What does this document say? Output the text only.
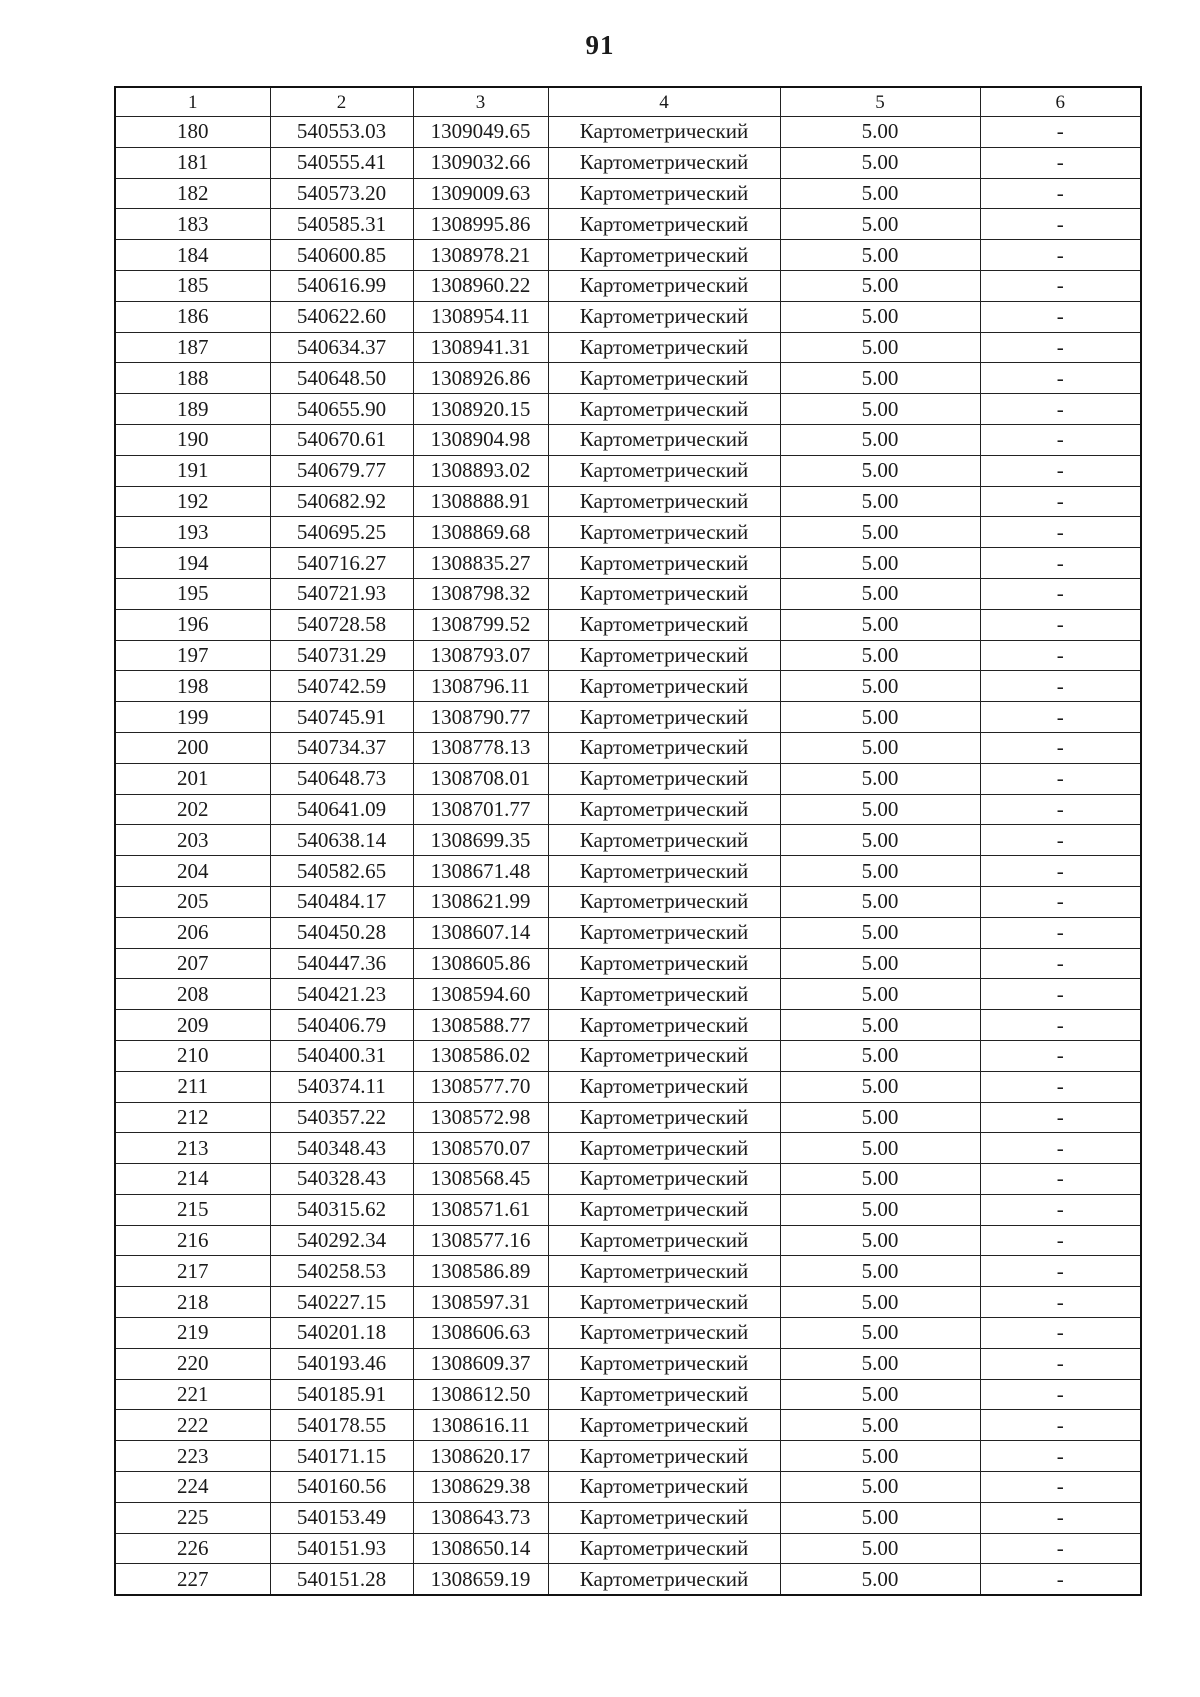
91
1	2	3	4	5	6
180	540553.03	1309049.65	Картометрический	5.00	-
181	540555.41	1309032.66	Картометрический	5.00	-
182	540573.20	1309009.63	Картометрический	5.00	-
183	540585.31	1308995.86	Картометрический	5.00	-
184	540600.85	1308978.21	Картометрический	5.00	-
185	540616.99	1308960.22	Картометрический	5.00	-
186	540622.60	1308954.11	Картометрический	5.00	-
187	540634.37	1308941.31	Картометрический	5.00	-
188	540648.50	1308926.86	Картометрический	5.00	-
189	540655.90	1308920.15	Картометрический	5.00	-
190	540670.61	1308904.98	Картометрический	5.00	-
191	540679.77	1308893.02	Картометрический	5.00	-
192	540682.92	1308888.91	Картометрический	5.00	-
193	540695.25	1308869.68	Картометрический	5.00	-
194	540716.27	1308835.27	Картометрический	5.00	-
195	540721.93	1308798.32	Картометрический	5.00	-
196	540728.58	1308799.52	Картометрический	5.00	-
197	540731.29	1308793.07	Картометрический	5.00	-
198	540742.59	1308796.11	Картометрический	5.00	-
199	540745.91	1308790.77	Картометрический	5.00	-
200	540734.37	1308778.13	Картометрический	5.00	-
201	540648.73	1308708.01	Картометрический	5.00	-
202	540641.09	1308701.77	Картометрический	5.00	-
203	540638.14	1308699.35	Картометрический	5.00	-
204	540582.65	1308671.48	Картометрический	5.00	-
205	540484.17	1308621.99	Картометрический	5.00	-
206	540450.28	1308607.14	Картометрический	5.00	-
207	540447.36	1308605.86	Картометрический	5.00	-
208	540421.23	1308594.60	Картометрический	5.00	-
209	540406.79	1308588.77	Картометрический	5.00	-
210	540400.31	1308586.02	Картометрический	5.00	-
211	540374.11	1308577.70	Картометрический	5.00	-
212	540357.22	1308572.98	Картометрический	5.00	-
213	540348.43	1308570.07	Картометрический	5.00	-
214	540328.43	1308568.45	Картометрический	5.00	-
215	540315.62	1308571.61	Картометрический	5.00	-
216	540292.34	1308577.16	Картометрический	5.00	-
217	540258.53	1308586.89	Картометрический	5.00	-
218	540227.15	1308597.31	Картометрический	5.00	-
219	540201.18	1308606.63	Картометрический	5.00	-
220	540193.46	1308609.37	Картометрический	5.00	-
221	540185.91	1308612.50	Картометрический	5.00	-
222	540178.55	1308616.11	Картометрический	5.00	-
223	540171.15	1308620.17	Картометрический	5.00	-
224	540160.56	1308629.38	Картометрический	5.00	-
225	540153.49	1308643.73	Картометрический	5.00	-
226	540151.93	1308650.14	Картометрический	5.00	-
227	540151.28	1308659.19	Картометрический	5.00	-
